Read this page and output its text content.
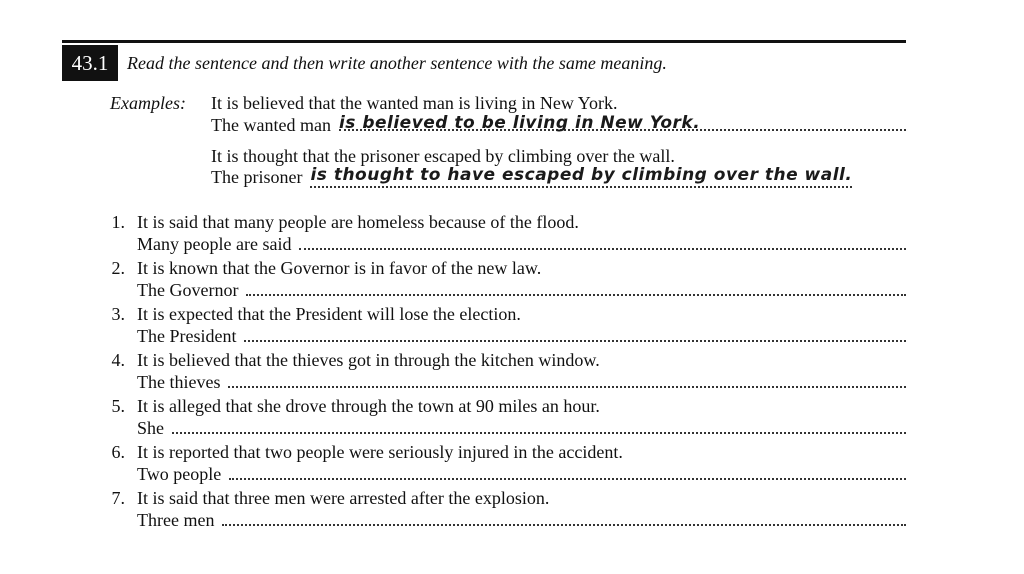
43.1	Read the sentence and then write another sentence with the same meaning.
Examples: It is believed that the wanted man is living in New York.
The wanted man is believed to be living in New York.
It is thought that the prisoner escaped by climbing over the wall.
The prisoner is thought to have escaped by climbing over the wall.
1. It is said that many people are homeless because of the flood.
Many people are said
2. It is known that the Governor is in favor of the new law.
The Governor
3. It is expected that the President will lose the election.
The President
4. It is believed that the thieves got in through the kitchen window.
The thieves
5. It is alleged that she drove through the town at 90 miles an hour.
She
6. It is reported that two people were seriously injured in the accident.
Two people
7. It is said that three men were arrested after the explosion.
Three men
